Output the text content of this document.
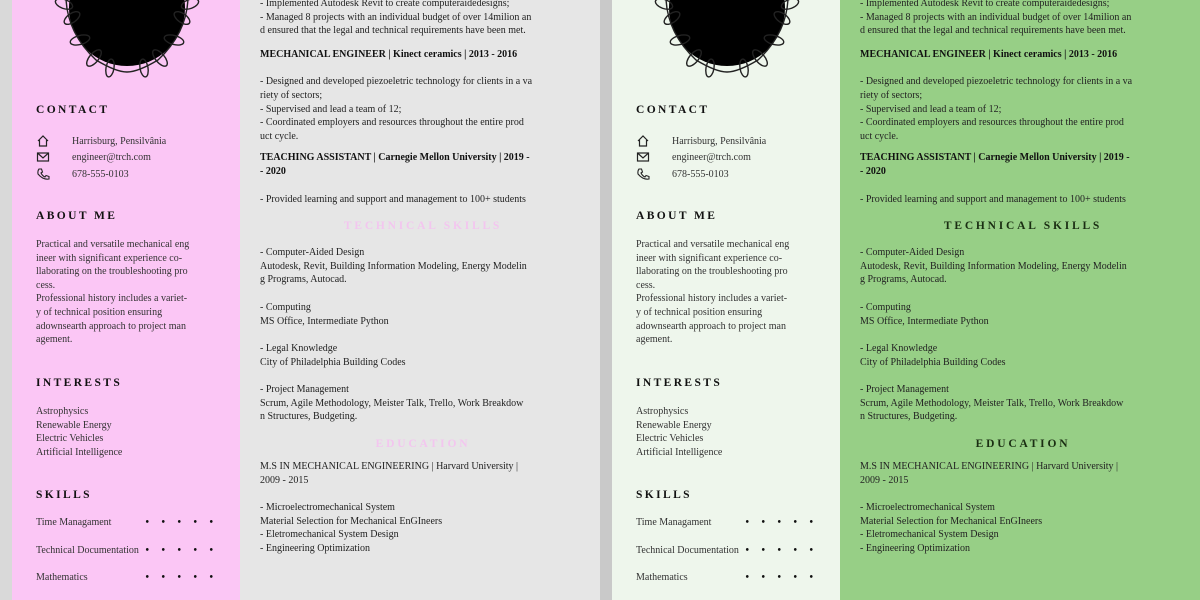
CONTACT
Harrisburg, Pensilvânia
engineer@trch.com
678-555-0103
ABOUT ME
Practical and versatile mechanical eng
ineer with significant experience co-
llaborating on the troubleshooting pro
cess.
Professional history includes a variet-
y of technical position ensuring
adownsearth approach to project man
agement.
INTERESTS
Astrophysics
Renewable Energy
Electric Vehicles
Artificial Intelligence
SKILLS
Time Managament	• • • • •
Technical Documentation • • • • •
Mathematics	• • • • •
- Implemented Autodesk Revit to create computeraidedesigns;
- Managed 8 projects with an individual budget of over 14milion an
d ensured that the legal and technical requirements have been met.
MECHANICAL ENGINEER | Kinect ceramics | 2013 - 2016
- Designed and developed piezoeletric technology for clients in a va
riety of sectors;
- Supervised and lead a team of 12;
- Coordinated employers and resources throughout the entire prod
uct cycle.
TEACHING ASSISTANT | Carnegie Mellon University | 2019 -
- 2020
- Provided learning and support and management to 100+ students
TECHNICAL SKILLS
- Computer-Aided Design
Autodesk, Revit, Building Information Modeling, Energy Modelin
g Programs, Autocad.
- Computing
MS Office, Intermediate Python
- Legal Knowledge
City of Philadelphia Building Codes
- Project Management
Scrum, Agile Methodology, Meister Talk, Trello, Work Breakdow
n Structures, Budgeting.
EDUCATION
M.S IN MECHANICAL ENGINEERING | Harvard University |
2009 - 2015
- Microelectromechanical System
Material Selection for Mechanical EnGIneers
- Eletromechanical System Design
- Engineering Optimization
CONTACT
Harrisburg, Pensilvânia
engineer@trch.com
678-555-0103
ABOUT ME
Practical and versatile mechanical eng
ineer with significant experience co-
llaborating on the troubleshooting pro
cess.
Professional history includes a variet-
y of technical position ensuring
adownsearth approach to project man
agement.
INTERESTS
Astrophysics
Renewable Energy
Electric Vehicles
Artificial Intelligence
SKILLS
Time Managament	• • • • •
Technical Documentation • • • • •
Mathematics	• • • • •
- Implemented Autodesk Revit to create computeraidedesigns;
- Managed 8 projects with an individual budget of over 14milion an
d ensured that the legal and technical requirements have been met.
MECHANICAL ENGINEER | Kinect ceramics | 2013 - 2016
- Designed and developed piezoeletric technology for clients in a va
riety of sectors;
- Supervised and lead a team of 12;
- Coordinated employers and resources throughout the entire prod
uct cycle.
TEACHING ASSISTANT | Carnegie Mellon University | 2019 -
- 2020
- Provided learning and support and management to 100+ students
TECHNICAL SKILLS
- Computer-Aided Design
Autodesk, Revit, Building Information Modeling, Energy Modelin
g Programs, Autocad.
- Computing
MS Office, Intermediate Python
- Legal Knowledge
City of Philadelphia Building Codes
- Project Management
Scrum, Agile Methodology, Meister Talk, Trello, Work Breakdow
n Structures, Budgeting.
EDUCATION
M.S IN MECHANICAL ENGINEERING | Harvard University |
2009 - 2015
- Microelectromechanical System
Material Selection for Mechanical EnGIneers
- Eletromechanical System Design
- Engineering Optimization
